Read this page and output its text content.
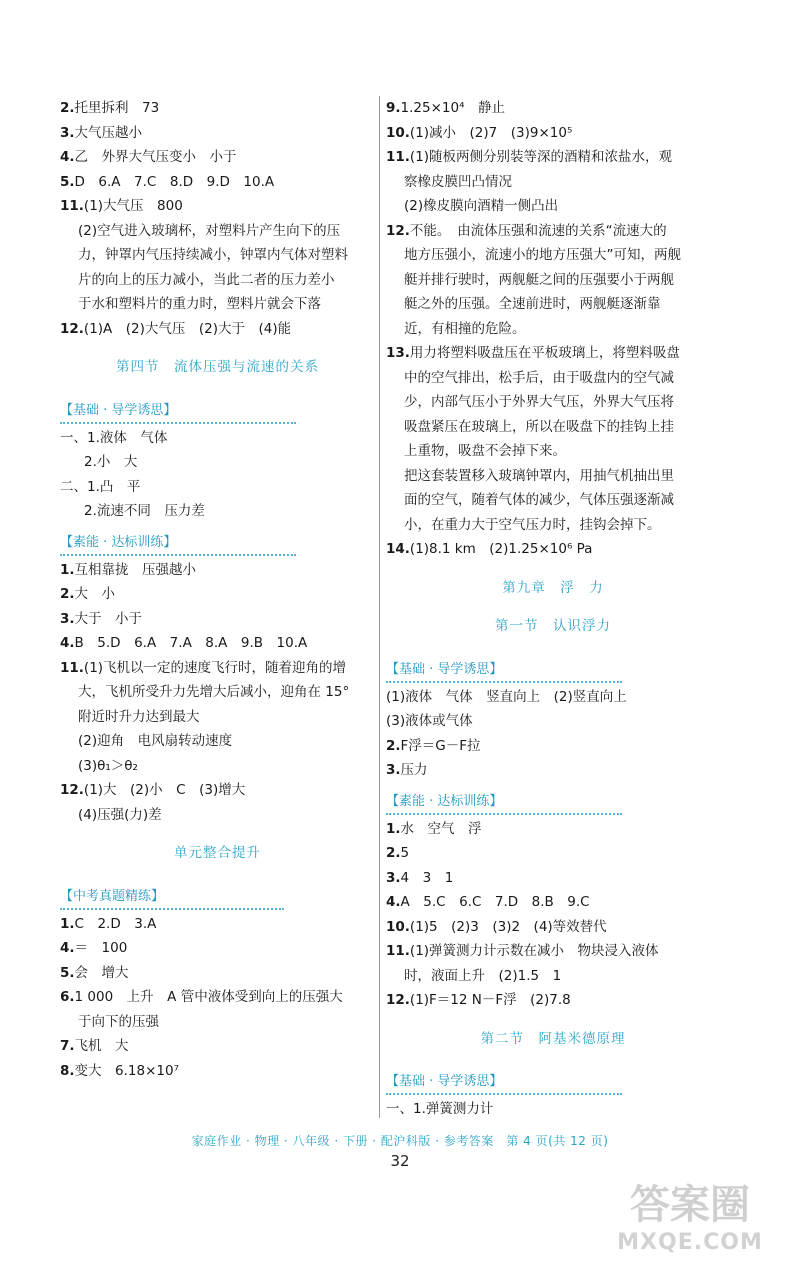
2.托里拆利　73
3.大气压越小
4.乙　外界大气压变小　小于
5.D　6.A　7.C　8.D　9.D　10.A
11.(1)大气压　800
(2)空气进入玻璃杯，对塑料片产生向下的压
力，钟罩内气压持续减小，钟罩内气体对塑料
片的向上的压力减小，当此二者的压力差小
于水和塑料片的重力时，塑料片就会下落
12.(1)A　(2)大气压　(2)大于　(4)能
第四节　流体压强与流速的关系
【基础 · 导学诱思】
一、1.液体　气体
2.小　大
二、1.凸　平
2.流速不同　压力差
【素能 · 达标训练】
1.互相靠拢　压强越小
2.大　小
3.大于　小于
4.B　5.D　6.A　7.A　8.A　9.B　10.A
11.(1)飞机以一定的速度飞行时，随着迎角的增
大，飞机所受升力先增大后减小，迎角在 15°
附近时升力达到最大
(2)迎角　电风扇转动速度
(3)θ₁＞θ₂
12.(1)大　(2)小　C　(3)增大
(4)压强(力)差
单元整合提升
【中考真题精练】
1.C　2.D　3.A
4.＝　100
5.会　增大
6.1 000　上升　A 管中液体受到向上的压强大
于向下的压强
7.飞机　大
8.变大　6.18×10⁷
9.1.25×10⁴　静止
10.(1)减小　(2)7　(3)9×10⁵
11.(1)随板两侧分别装等深的酒精和浓盐水，观
察橡皮膜凹凸情况
(2)橡皮膜向酒精一侧凸出
12.不能。　由流体压强和流速的关系“流速大的
地方压强小，流速小的地方压强大”可知，两舰
艇并排行驶时，两舰艇之间的压强要小于两舰
艇之外的压强。全速前进时，两舰艇逐渐靠
近，有相撞的危险。
13.用力将塑料吸盘压在平板玻璃上，将塑料吸盘
中的空气排出，松手后，由于吸盘内的空气减
少，内部气压小于外界大气压，外界大气压将
吸盘紧压在玻璃上，所以在吸盘下的挂钩上挂
上重物，吸盘不会掉下来。
把这套装置移入玻璃钟罩内，用抽气机抽出里
面的空气，随着气体的减少，气体压强逐渐减
小，在重力大于空气压力时，挂钩会掉下。
14.(1)8.1 km　(2)1.25×10⁶ Pa
第九章　浮　力
第一节　认识浮力
【基础 · 导学诱思】
(1)液体　气体　竖直向上　(2)竖直向上
(3)液体或气体
2.F浮＝G－F拉
3.压力
【素能 · 达标训练】
1.水　空气　浮
2.5
3.4　3　1
4.A　5.C　6.C　7.D　8.B　9.C
10.(1)5　(2)3　(3)2　(4)等效替代
11.(1)弹簧测力计示数在减小　物块浸入液体
时，液面上升　(2)1.5　1
12.(1)F＝12 N－F浮　(2)7.8
第二节　阿基米德原理
【基础 · 导学诱思】
一、1.弹簧测力计
家庭作业 · 物理 · 八年级 · 下册 · 配沪科版 · 参考答案　第 4 页(共 12 页)
32
答案圈
MXQE.COM
